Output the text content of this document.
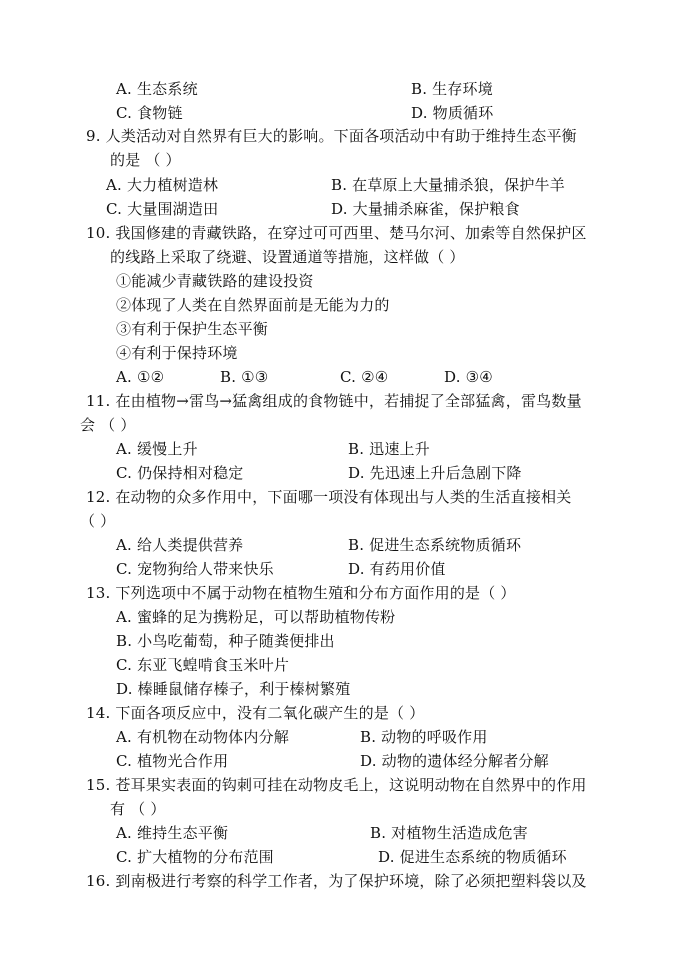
A. 生态系统	B. 生存环境
C. 食物链	D. 物质循环
9. 人类活动对自然界有巨大的影响。下面各项活动中有助于维持生态平衡
的是 （ ）
A. 大力植树造林	B. 在草原上大量捕杀狼，保护牛羊
C. 大量围湖造田	D. 大量捕杀麻雀，保护粮食
10. 我国修建的青藏铁路，在穿过可可西里、楚马尔河、加索等自然保护区
的线路上采取了绕避、设置通道等措施，这样做（ ）
①能减少青藏铁路的建设投资
②体现了人类在自然界面前是无能为力的
③有利于保护生态平衡
④有利于保持环境
A. ①②	B. ①③	C. ②④	D. ③④
11. 在由植物→雷鸟→猛禽组成的食物链中，若捕捉了全部猛禽，雷鸟数量
会 （ ）
A. 缓慢上升	B. 迅速上升
C. 仍保持相对稳定	D. 先迅速上升后急剧下降
12. 在动物的众多作用中，下面哪一项没有体现出与人类的生活直接相关
（ ）
A. 给人类提供营养	B. 促进生态系统物质循环
C. 宠物狗给人带来快乐	D. 有药用价值
13. 下列选项中不属于动物在植物生殖和分布方面作用的是（ ）
A. 蜜蜂的足为携粉足，可以帮助植物传粉
B. 小鸟吃葡萄，种子随粪便排出
C. 东亚飞蝗啃食玉米叶片
D. 榛睡鼠储存榛子，利于榛树繁殖
14. 下面各项反应中，没有二氧化碳产生的是（ ）
A. 有机物在动物体内分解	B. 动物的呼吸作用
C. 植物光合作用	D. 动物的遗体经分解者分解
15. 苍耳果实表面的钩刺可挂在动物皮毛上，这说明动物在自然界中的作用
有 （ ）
A. 维持生态平衡	B. 对植物生活造成危害
C. 扩大植物的分布范围	D. 促进生态系统的物质循环
16. 到南极进行考察的科学工作者，为了保护环境，除了必须把塑料袋以及
